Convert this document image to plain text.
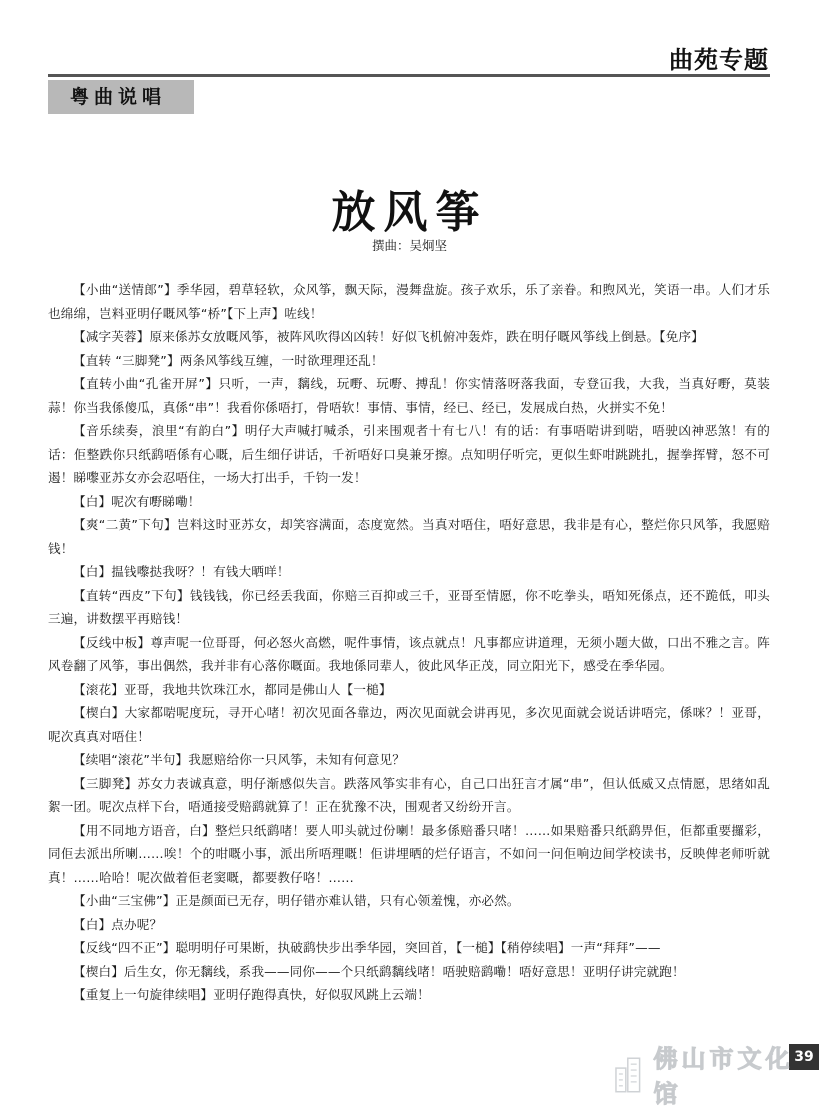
曲苑专题
粤曲说唱
放风筝
撰曲：吴炯坚

【小曲“送情郎”】季华园，碧草轻软，众风筝，飘天际，漫舞盘旋。孩子欢乐，乐了亲眷。和煦风光，笑语一串。人们才乐也绵绵，岂料亚明仔嘅风筝“桥”【下上声】咗线！

【减字芙蓉】原来係苏女放嘅风筝，被阵风吹得凶凶转！好似飞机俯冲轰炸，跌在明仔嘅风筝线上倒悬。【免序】

【直转 “三脚凳”】两条风筝线互缠，一时欲理理还乱！

【直转小曲“孔雀开屏”】只听，一声，黐线，玩嘢、玩嘢、搏乱！你实情落呀落我面，专登冚我，大我，当真好嘢，莫装蒜！你当我係傻瓜，真係“串”！我看你係唔打，骨唔软！事情、事情，经已、经已，发展成白热，火拼实不免！

【音乐续奏，浪里“有韵白”】明仔大声喊打喊杀，引来围观者十有七八！有的话：有事唔啱讲到啱，唔驶凶神恶煞！有的话：佢整跌你只纸鹞唔係有心嘅，后生细仔讲话，千祈唔好口臭兼牙擦。点知明仔听完，更似生虾咁跳跳扎，握拳挥臂，怒不可遏！睇嚟亚苏女亦会忍唔住，一场大打出手，千钧一发！

【白】呢次有嘢睇嘞！

【爽“二黄”下句】岂料这时亚苏女，却笑容满面，态度宽然。当真对唔住，唔好意思，我非是有心，整烂你只风筝，我愿赔钱！

【白】揾钱嚟挞我呀？！有钱大晒咩！

【直转“西皮”下句】钱钱钱，你已经丢我面，你赔三百抑或三千，亚哥至情愿，你不吃拳头，唔知死係点，还不跪低，叩头三遍，讲数摆平再赔钱！

【反线中板】尊声呢一位哥哥，何必怒火高燃，呢件事情，该点就点！凡事都应讲道理，无须小题大做，口出不雅之言。阵风卷翻了风筝，事出偶然，我并非有心落你嘅面。我地係同辈人，彼此风华正茂，同立阳光下，感受在季华园。

【滚花】亚哥，我地共饮珠江水，都同是佛山人【一槌】

【楔白】大家都啱呢度玩，寻开心啫！初次见面各靠边，两次见面就会讲再见，多次见面就会说话讲唔完，係咪？！亚哥，呢次真真对唔住！

【续唱“滚花”半句】我愿赔给你一只风筝，未知有何意见？

【三脚凳】苏女力表诚真意，明仔渐感似失言。跌落风筝实非有心，自己口出狂言才属“串”，但认低威又点情愿，思绪如乱絮一团。呢次点样下台，唔通接受赔鹞就算了！正在犹豫不决，围观者又纷纷开言。

【用不同地方语音，白】整烂只纸鹞啫！要人叩头就过份喇！最多係赔番只啫！……如果赔番只纸鹞畀佢，佢都重要攞彩，同佢去派出所喇……唉！个的咁嘅小事，派出所唔理嘅！佢讲埋晒的烂仔语言，不如问一问佢响边间学校读书，反映俾老师听就真！……哈哈！呢次做着佢老窦嘅，都要教仔咯！……

【小曲“三宝佛”】正是颜面已无存，明仔错亦难认错，只有心领羞愧，亦必然。

【白】点办呢？

【反线“四不正”】聪明明仔可果断，执破鹞快步出季华园，突回首，【一槌】【稍停续唱】一声“拜拜”——

【楔白】后生女，你无黐线，系我——同你——个只纸鹞黐线啫！唔驶赔鹞嘞！唔好意思！亚明仔讲完就跑！

【重复上一句旋律续唱】亚明仔跑得真快，好似驭风跳上云端！

39
佛山市文化馆
